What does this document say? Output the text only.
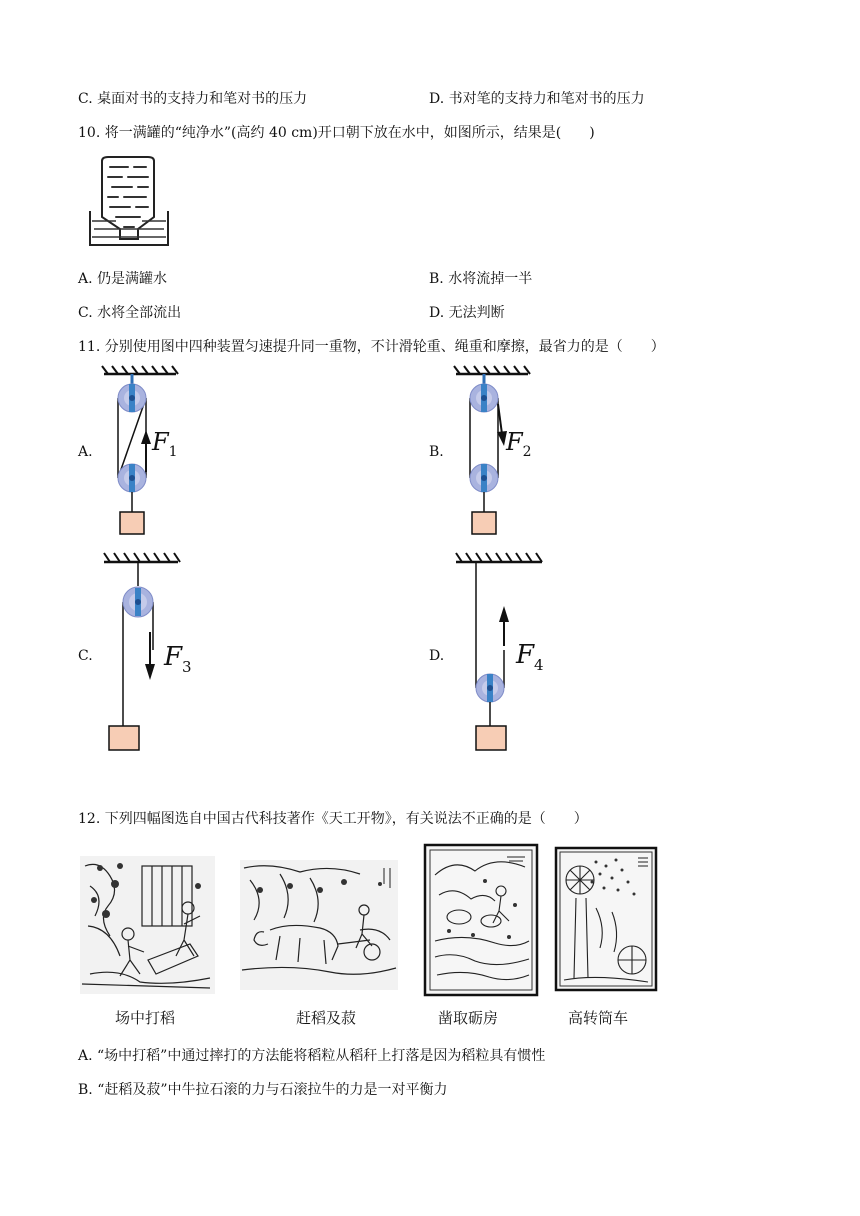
C. 桌面对书的支持力和笔对书的压力	D. 书对笔的支持力和笔对书的压力
10. 将一满罐的“纯净水”(高约 40 cm)开口朝下放在水中，如图所示，结果是(　　)
A. 仍是满罐水	B. 水将流掉一半
C. 水将全部流出	D. 无法判断
11. 分别使用图中四种装置匀速提升同一重物，不计滑轮重、绳重和摩擦，最省力的是（　　）
A. $F_1$	B.	$F_2$
C.	$F_3$
D.	$F_4$
12. 下列四幅图选自中国古代科技著作《天工开物》，有关说法不正确的是（　　）
场中打稻	赶稻及菽	凿取砺房	高转筒车
A. “场中打稻”中通过摔打的方法能将稻粒从稻秆上打落是因为稻粒具有惯性
B. “赶稻及菽”中牛拉石滚的力与石滚拉牛的力是一对平衡力
